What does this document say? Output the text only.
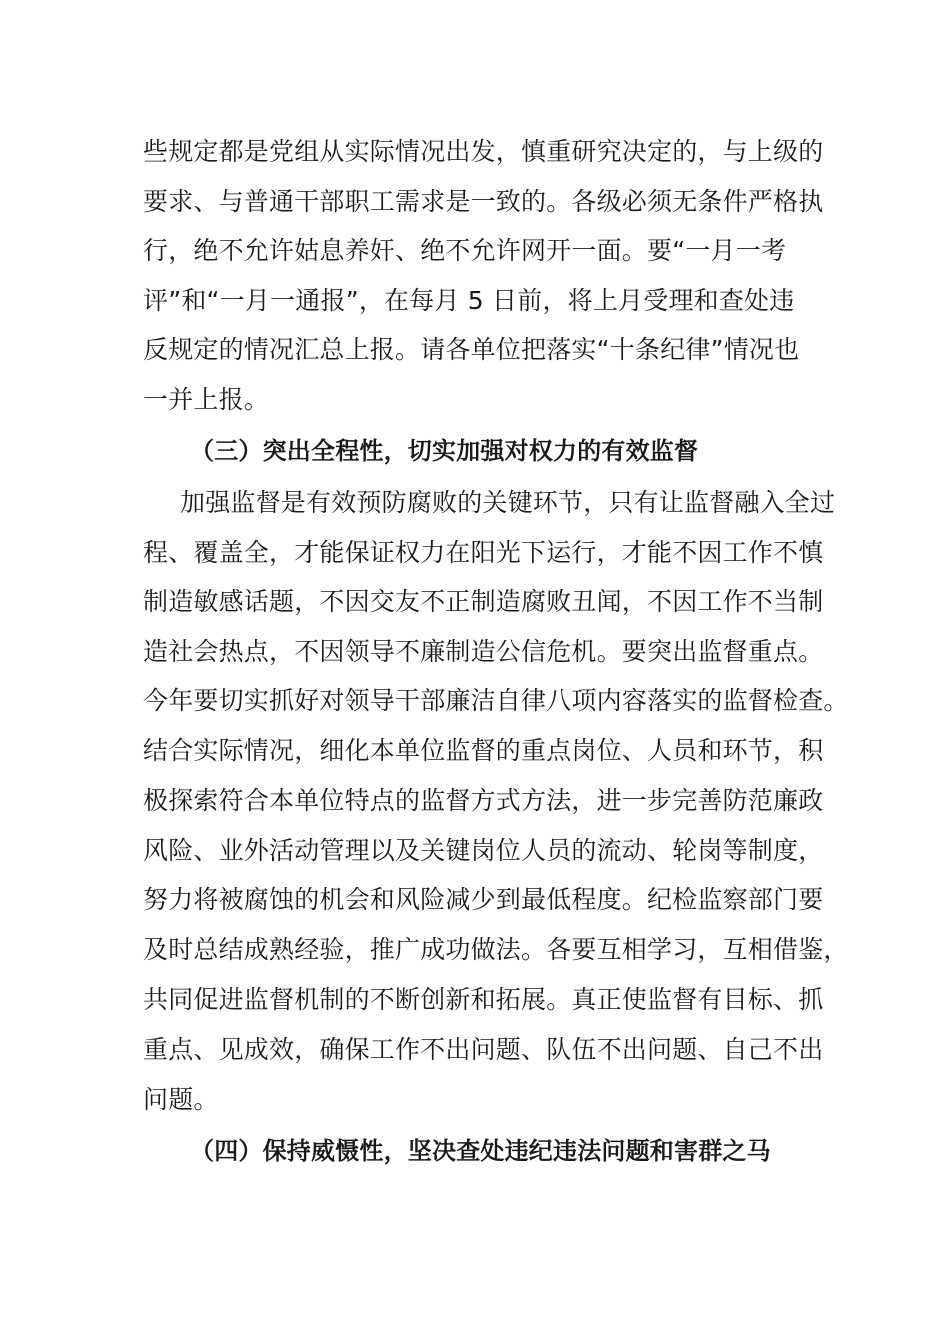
些规定都是党组从实际情况出发，慎重研究决定的，与上级的
要求、与普通干部职工需求是一致的。各级必须无条件严格执
行，绝不允许姑息养奸、绝不允许网开一面。要“一月一考
评”和“一月一通报”，在每月 5 日前，将上月受理和查处违
反规定的情况汇总上报。请各单位把落实“十条纪律”情况也
一并上报。
（三）突出全程性，切实加强对权力的有效监督
加强监督是有效预防腐败的关键环节，只有让监督融入全过
程、覆盖全，才能保证权力在阳光下运行，才能不因工作不慎
制造敏感话题，不因交友不正制造腐败丑闻，不因工作不当制
造社会热点，不因领导不廉制造公信危机。要突出监督重点。
今年要切实抓好对领导干部廉洁自律八项内容落实的监督检查。
结合实际情况，细化本单位监督的重点岗位、人员和环节，积
极探索符合本单位特点的监督方式方法，进一步完善防范廉政
风险、业外活动管理以及关键岗位人员的流动、轮岗等制度，
努力将被腐蚀的机会和风险减少到最低程度。纪检监察部门要
及时总结成熟经验，推广成功做法。各要互相学习，互相借鉴，
共同促进监督机制的不断创新和拓展。真正使监督有目标、抓
重点、见成效，确保工作不出问题、队伍不出问题、自己不出
问题。
（四）保持威慑性，坚决查处违纪违法问题和害群之马
